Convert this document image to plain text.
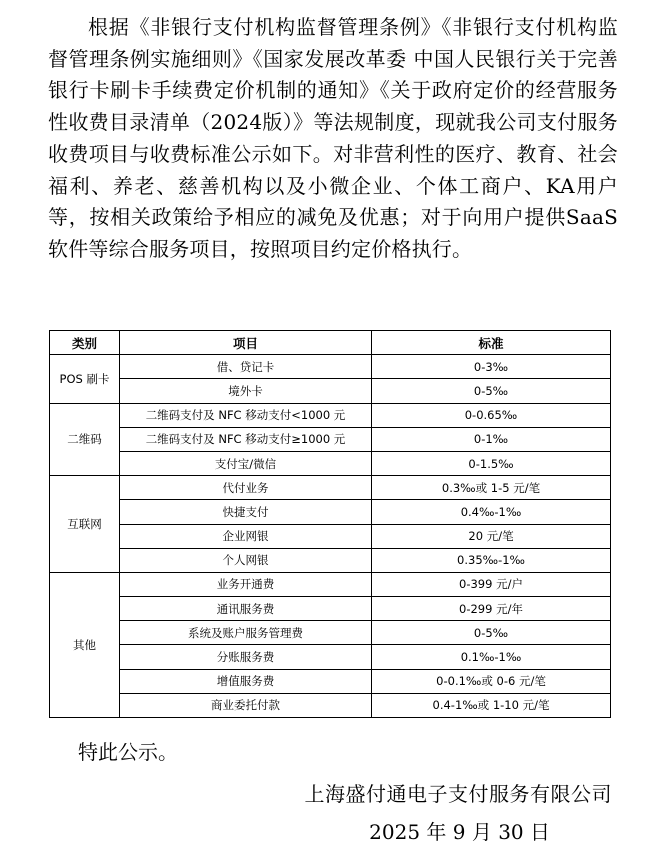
根据《非银行支付机构监督管理条例》《非银行支付机构监督管理条例实施细则》《国家发展改革委 中国人民银行关于完善银行卡刷卡手续费定价机制的通知》《关于政府定价的经营服务性收费目录清单（2024版）》等法规制度，现就我公司支付服务收费项目与收费标准公示如下。对非营利性的医疗、教育、社会福利、养老、慈善机构以及小微企业、个体工商户、KA用户等，按相关政策给予相应的减免及优惠；对于向用户提供SaaS软件等综合服务项目，按照项目约定价格执行。

类别	项目	标准
POS 刷卡	借、贷记卡	0-3‰
	境外卡	0-5‰
二维码	二维码支付及 NFC 移动支付<1000 元	0-0.65‰
	二维码支付及 NFC 移动支付≥1000 元	0-1‰
	支付宝/微信	0-1.5‰
互联网	代付业务	0.3‰或 1-5 元/笔
	快捷支付	0.4‰-1‰
	企业网银	20 元/笔
	个人网银	0.35‰-1‰
其他	业务开通费	0-399 元/户
	通讯服务费	0-299 元/年
	系统及账户服务管理费	0-5‰
	分账服务费	0.1‰-1‰
	增值服务费	0-0.1‰或 0-6 元/笔
	商业委托付款	0.4-1‰或 1-10 元/笔

特此公示。

上海盛付通电子支付服务有限公司

2025 年 9 月 30 日
